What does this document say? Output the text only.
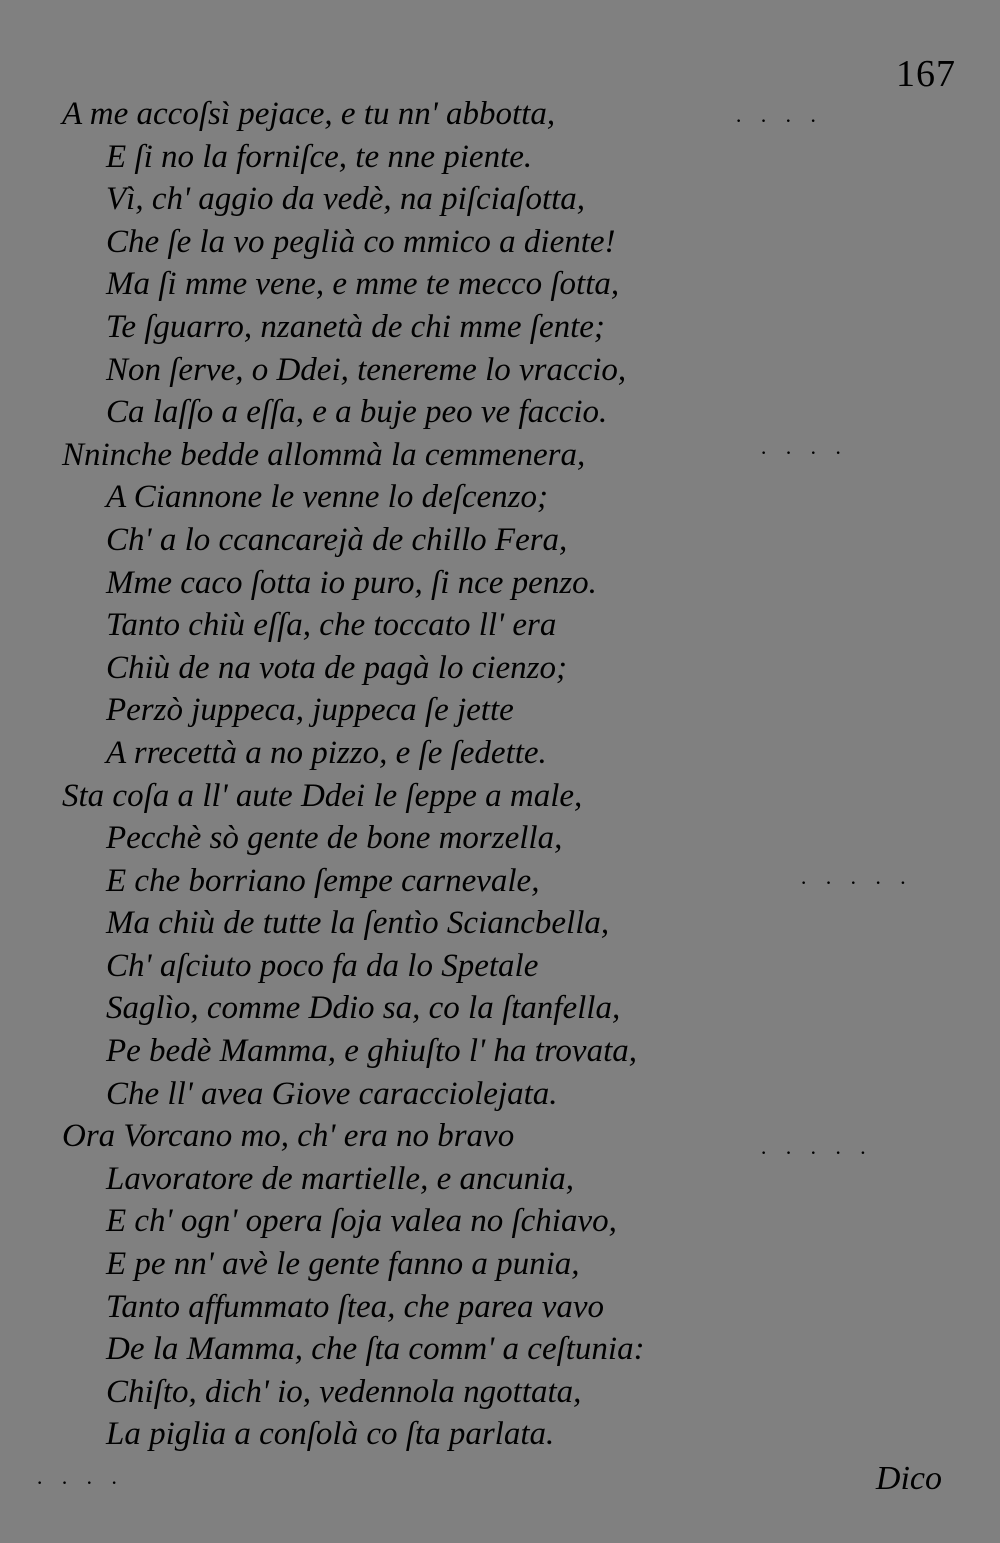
167
A me accoſsì pejace, e tu nn' abbotta,
E ſi no la forniſce, te nne piente.
Vì, ch' aggio da vedè, na piſciaſotta,
Che ſe la vo peglià co mmico a diente!
Ma ſi mme vene, e mme te mecco ſotta,
Te ſguarro, nzanetà de chi mme ſente;
Non ſerve, o Ddei, tenereme lo vraccio,
Ca laſſo a eſſa, e a buje peo ve faccio.
Nninche bedde allommà la cemmenera,
A Ciannone le venne lo deſcenzo;
Ch' a lo ccancarejà de chillo Fera,
Mme caco ſotta io puro, ſi nce penzo.
Tanto chiù eſſa, che toccato ll' era
Chiù de na vota de pagà lo cienzo;
Perzò juppeca, juppeca ſe jette
A rrecettà a no pizzo, e ſe ſedette.
Sta coſa a ll' aute Ddei le ſeppe a male,
Pecchè sò gente de bone morzella,
E che borriano ſempe carnevale,
Ma chiù de tutte la ſentìo Sciancbella,
Ch' aſciuto poco fa da lo Spetale
Saglìo, comme Ddio sa, co la ſtanfella,
Pe bedè Mamma, e ghiuſto l' ha trovata,
Che ll' avea Giove caracciolejata.
Ora Vorcano mo, ch' era no bravo
Lavoratore de martielle, e ancunia,
E ch' ogn' opera ſoja valea no ſchiavo,
E pe nn' avè le gente fanno a punia,
Tanto affummato ſtea, che parea vavo
De la Mamma, che ſta comm' a ceſtunia:
Chiſto, dich' io, vedennola ngottata,
La piglia a conſolà co ſta parlata.
Dico
· · · ·
· · · ·
· · · · ·
· · · · ·
· · · ·
